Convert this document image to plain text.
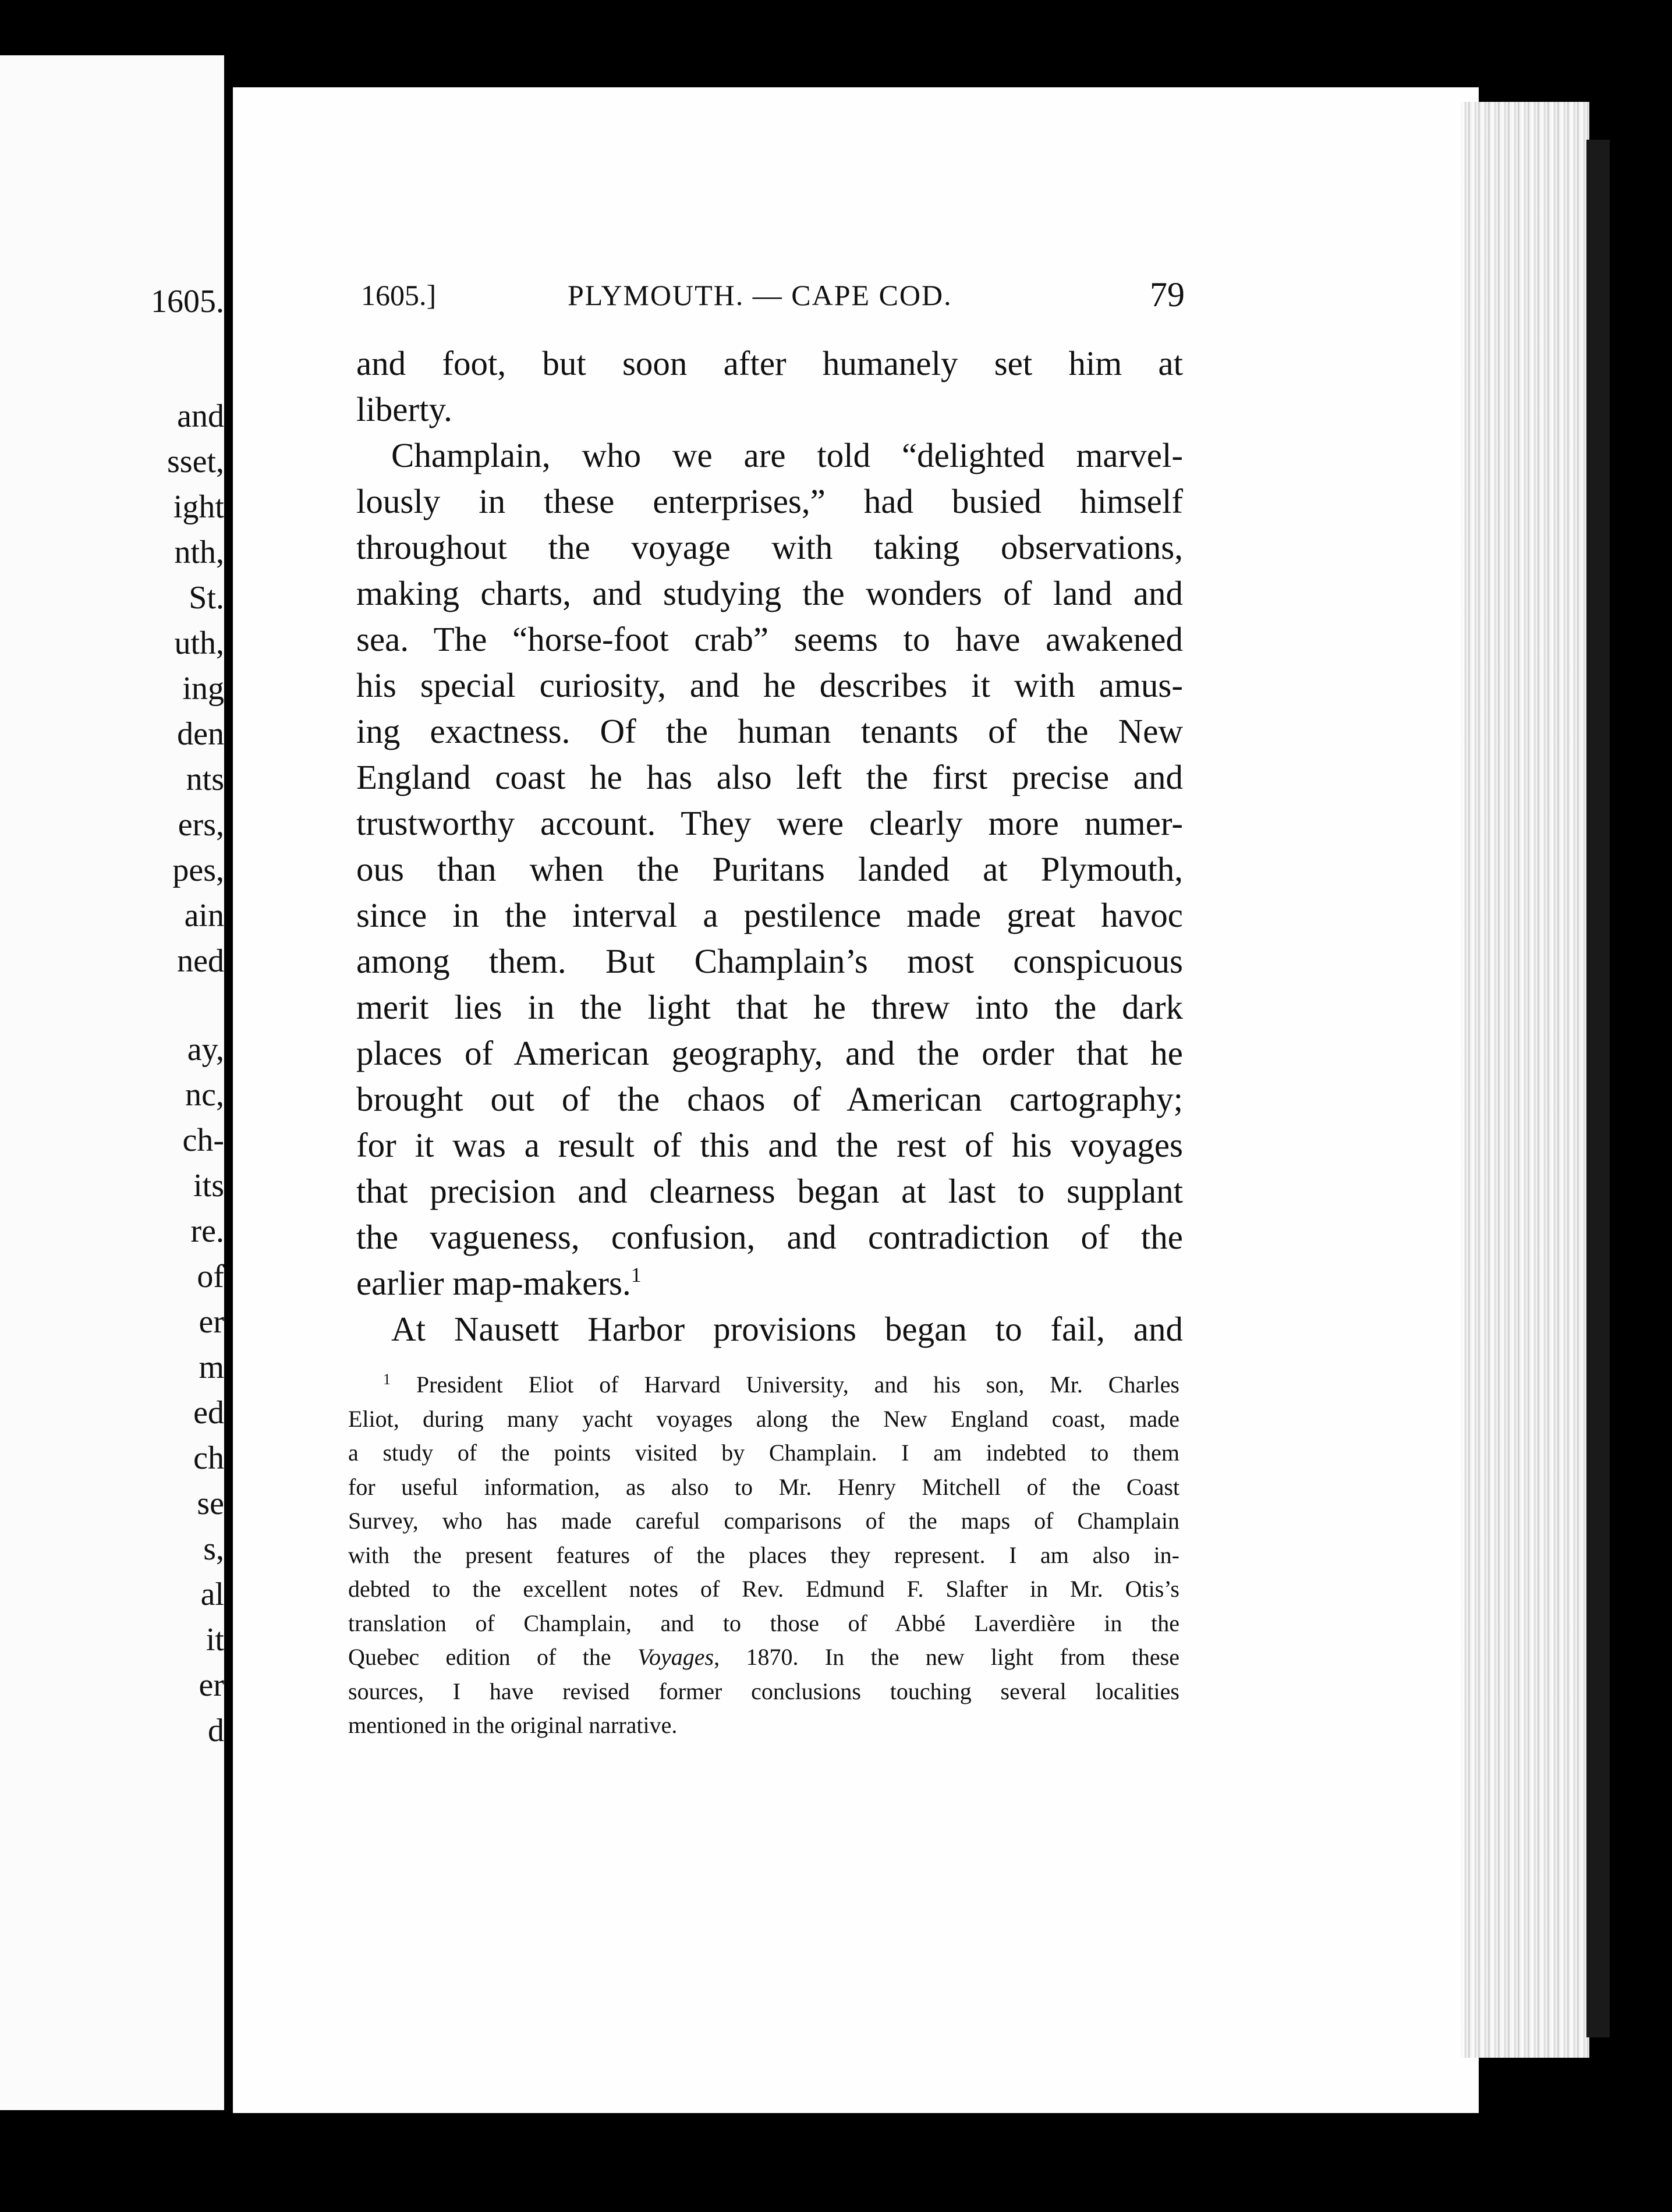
1605.
and
sset,
ight
nth,
St.
uth,
ing
den
nts
ers,
pes,
ain
ned
ay,
nc,
ch-
its
re.
of
er
m
ed
ch
se
s,
al
it
er
d
1605.]	PLYMOUTH. — CAPE COD.	79
and foot, but soon after humanely set him at
liberty.
Champlain, who we are told “delighted marvel-
lously in these enterprises,” had busied himself
throughout the voyage with taking observations,
making charts, and studying the wonders of land and
sea. The “horse-foot crab” seems to have awakened
his special curiosity, and he describes it with amus-
ing exactness. Of the human tenants of the New
England coast he has also left the first precise and
trustworthy account. They were clearly more numer-
ous than when the Puritans landed at Plymouth,
since in the interval a pestilence made great havoc
among them. But Champlain’s most conspicuous
merit lies in the light that he threw into the dark
places of American geography, and the order that he
brought out of the chaos of American cartography;
for it was a result of this and the rest of his voyages
that precision and clearness began at last to supplant
the vagueness, confusion, and contradiction of the
earlier map-makers.$^1$
At Nausett Harbor provisions began to fail, and
$^1$ President Eliot of Harvard University, and his son, Mr. Charles
Eliot, during many yacht voyages along the New England coast, made
a study of the points visited by Champlain. I am indebted to them
for useful information, as also to Mr. Henry Mitchell of the Coast
Survey, who has made careful comparisons of the maps of Champlain
with the present features of the places they represent. I am also in-
debted to the excellent notes of Rev. Edmund F. Slafter in Mr. Otis’s
translation of Champlain, and to those of Abbé Laverdière in the
Quebec edition of the Voyages, 1870. In the new light from these
sources, I have revised former conclusions touching several localities
mentioned in the original narrative.
